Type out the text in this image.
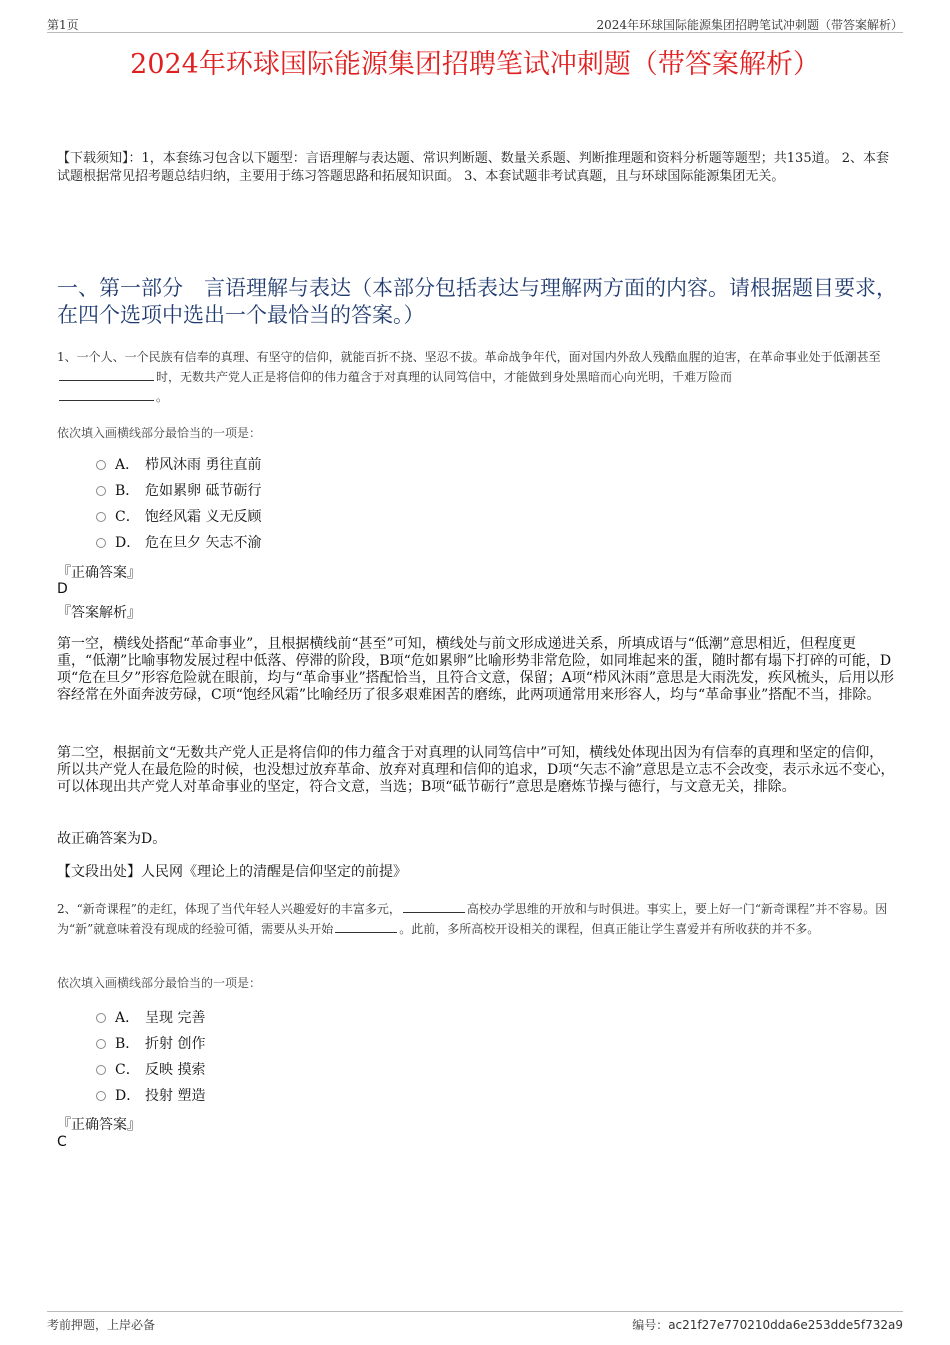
第1页	2024年环球国际能源集团招聘笔试冲刺题（带答案解析）
2024年环球国际能源集团招聘笔试冲刺题（带答案解析）
【下载须知】：1，本套练习包含以下题型：言语理解与表达题、常识判断题、数量关系题、判断推理题和资料分析题等题型；共135道。 2、本套试题根据常见招考题总结归纳，主要用于练习答题思路和拓展知识面。 3、本套试题非考试真题，且与环球国际能源集团无关。
一、第一部分　言语理解与表达（本部分包括表达与理解两方面的内容。请根据题目要求，在四个选项中选出一个最恰当的答案。）
1、一个人、一个民族有信奉的真理、有坚守的信仰，就能百折不挠、坚忍不拔。革命战争年代，面对国内外敌人残酷血腥的迫害，在革命事业处于低潮甚至时，无数共产党人正是将信仰的伟力蕴含于对真理的认同笃信中，才能做到身处黑暗而心向光明，千难万险而
。
依次填入画横线部分最恰当的一项是：
A． 栉风沐雨 勇往直前
B． 危如累卵 砥节砺行
C． 饱经风霜 义无反顾
D． 危在旦夕 矢志不渝
『正确答案』
D
『答案解析』
第一空，横线处搭配“革命事业”，且根据横线前“甚至”可知，横线处与前文形成递进关系，所填成语与“低潮”意思相近，但程度更重，“低潮”比喻事物发展过程中低落、停滞的阶段，B项“危如累卵”比喻形势非常危险，如同堆起来的蛋，随时都有塌下打碎的可能，D项“危在旦夕”形容危险就在眼前，均与“革命事业”搭配恰当，且符合文意，保留；A项“栉风沐雨”意思是大雨洗发，疾风梳头，后用以形容经常在外面奔波劳碌，C项“饱经风霜”比喻经历了很多艰难困苦的磨练，此两项通常用来形容人，均与“革命事业”搭配不当，排除。
第二空，根据前文“无数共产党人正是将信仰的伟力蕴含于对真理的认同笃信中”可知，横线处体现出因为有信奉的真理和坚定的信仰，所以共产党人在最危险的时候，也没想过放弃革命、放弃对真理和信仰的追求，D项“矢志不渝”意思是立志不会改变，表示永远不变心，可以体现出共产党人对革命事业的坚定，符合文意，当选；B项“砥节砺行”意思是磨炼节操与德行，与文意无关，排除。
故正确答案为D。
【文段出处】人民网《理论上的清醒是信仰坚定的前提》
2、“新奇课程”的走红，体现了当代年轻人兴趣爱好的丰富多元，	高校办学思维的开放和与时俱进。事实上，要上好一门“新奇课程”并不容易。因为“新”就意味着没有现成的经验可循，需要从头开始	。此前，多所高校开设相关的课程，但真正能让学生喜爱并有所收获的并不多。
依次填入画横线部分最恰当的一项是：
A． 呈现 完善
B． 折射 创作
C． 反映 摸索
D． 投射 塑造
『正确答案』
C
考前押题，上岸必备	编号：ac21f27e770210dda6e253dde5f732a9
